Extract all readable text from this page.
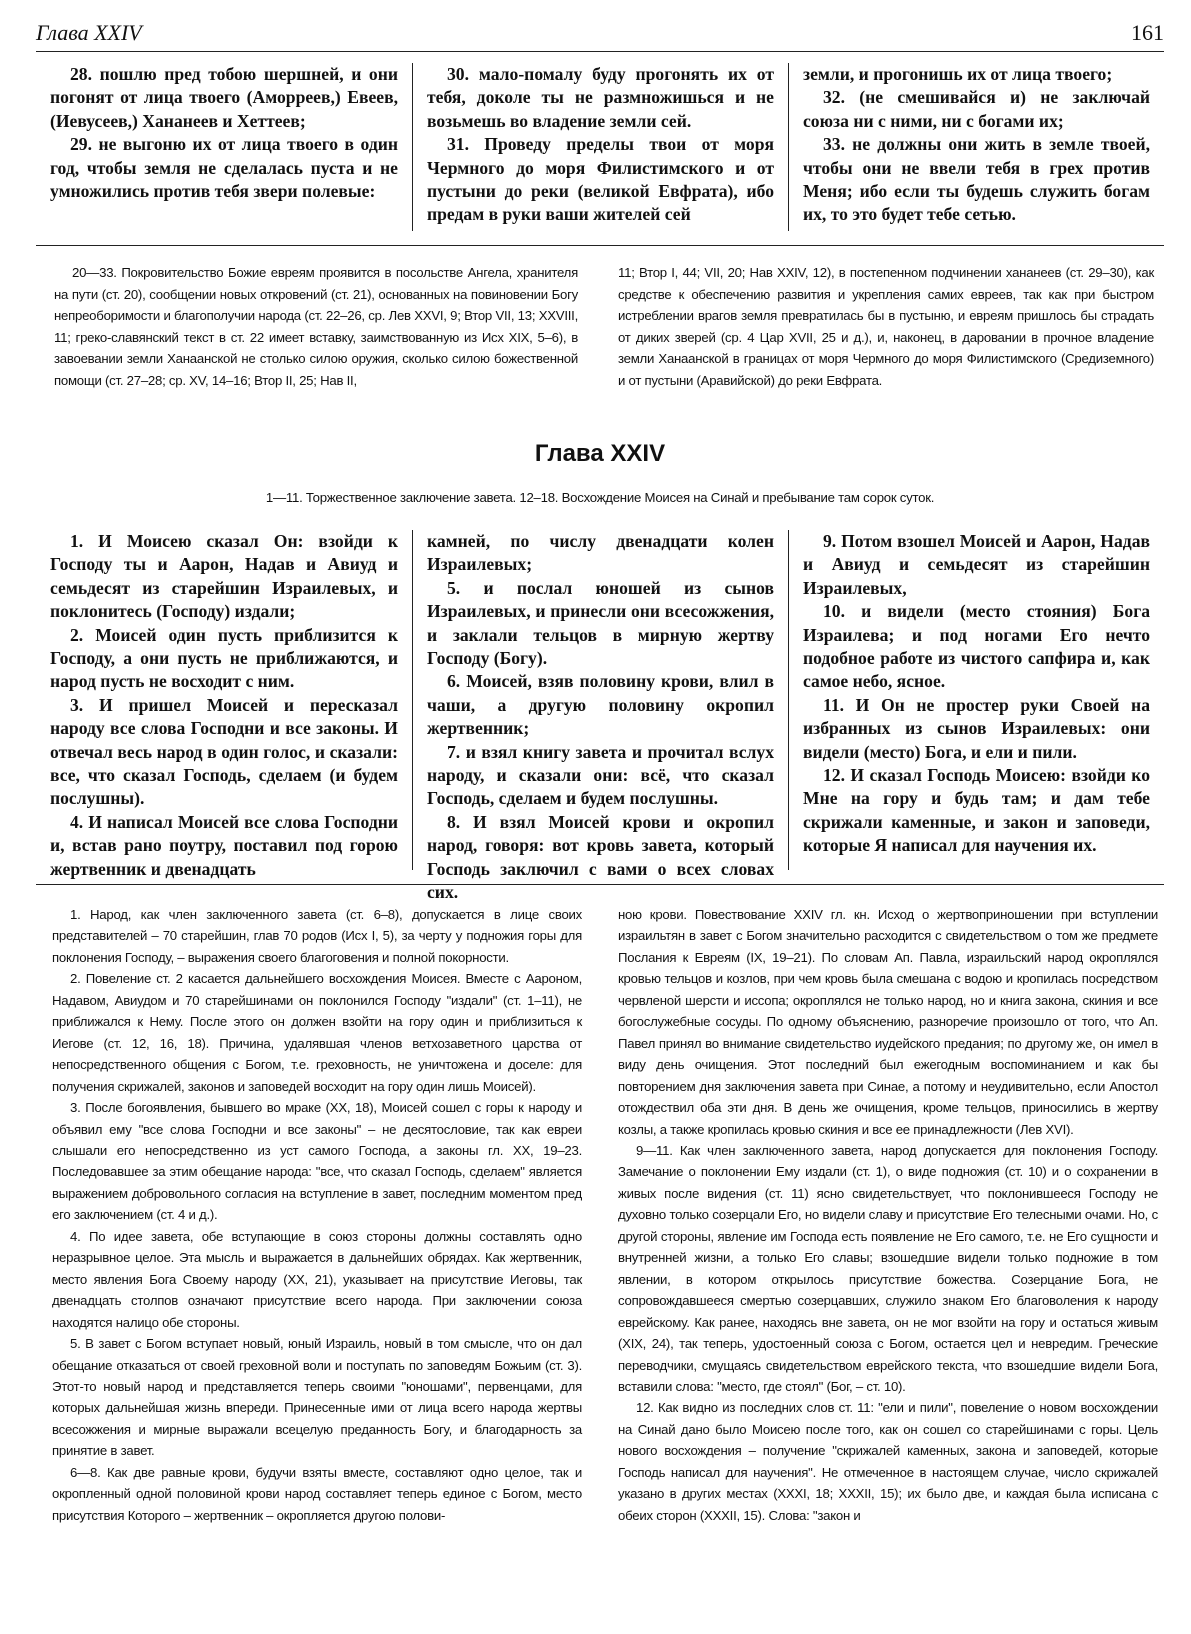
Глава XXIV	161

28. пошлю пред тобою шершней, и они погонят от лица твоего (Аморреев,) Евеев, (Иевусеев,) Хананеев и Хеттеев;

29. не выгоню их от лица твоего в один год, чтобы земля не сделалась пуста и не умножились против тебя звери полевые:

30. мало-помалу буду прогонять их от тебя, доколе ты не размножишься и не возьмешь во владение земли сей.

31. Проведу пределы твои от моря Чермного до моря Филистимского и от пустыни до реки (великой Евфрата), ибо предам в руки ваши жителей сей

земли, и прогонишь их от лица твоего;

32. (не смешивайся и) не заключай союза ни с ними, ни с богами их;

33. не должны они жить в земле твоей, чтобы они не ввели тебя в грех против Меня; ибо если ты будешь служить богам их, то это будет тебе сетью.

20—33. Покровительство Божие евреям проявится в посольстве Ангела, хранителя на пути (ст. 20), сообщении новых откровений (ст. 21), основанных на повиновении Богу непреоборимости и благополучии народа (ст. 22–26, ср. Лев XXVI, 9; Втор VII, 13; XXVIII, 11; греко-славянский текст в ст. 22 имеет вставку, заимствованную из Исх XIX, 5–6), в завоевании земли Ханаанской не столько силою оружия, сколько силою божественной помощи (ст. 27–28; ср. XV, 14–16; Втор II, 25; Нав II,

11; Втор I, 44; VII, 20; Нав XXIV, 12), в постепенном подчинении хананеев (ст. 29–30), как средстве к обеспечению развития и укрепления самих евреев, так как при быстром истреблении врагов земля превратилась бы в пустыню, и евреям пришлось бы страдать от диких зверей (ср. 4 Цар XVII, 25 и д.), и, наконец, в даровании в прочное владение земли Ханаанской в границах от моря Чермного до моря Филистимского (Средиземного) и от пустыни (Аравийской) до реки Евфрата.

Глава XXIV
1—11. Торжественное заключение завета. 12–18. Восхождение Моисея на Синай и пребывание там сорок суток.

1. И Моисею сказал Он: взойди к Господу ты и Аарон, Надав и Авиуд и семьдесят из старейшин Израилевых, и поклонитесь (Господу) издали;

2. Моисей один пусть приблизится к Господу, а они пусть не приближаются, и народ пусть не восходит с ним.

3. И пришел Моисей и пересказал народу все слова Господни и все законы. И отвечал весь народ в один голос, и сказали: все, что сказал Господь, сделаем (и будем послушны).

4. И написал Моисей все слова Господни и, встав рано поутру, поставил под горою жертвенник и двенадцать

камней, по числу двенадцати колен Израилевых;

5. и послал юношей из сынов Израилевых, и принесли они всесожжения, и заклали тельцов в мирную жертву Господу (Богу).

6. Моисей, взяв половину крови, влил в чаши, а другую половину окропил жертвенник;

7. и взял книгу завета и прочитал вслух народу, и сказали они: всё, что сказал Господь, сделаем и будем послушны.

8. И взял Моисей крови и окропил народ, говоря: вот кровь завета, который Господь заключил с вами о всех словах сих.

9. Потом взошел Моисей и Аарон, Надав и Авиуд и семьдесят из старейшин Израилевых,

10. и видели (место стояния) Бога Израилева; и под ногами Его нечто подобное работе из чистого сапфира и, как самое небо, ясное.

11. И Он не простер руки Своей на избранных из сынов Израилевых: они видели (место) Бога, и ели и пили.

12. И сказал Господь Моисею: взойди ко Мне на гору и будь там; и дам тебе скрижали каменные, и закон и заповеди, которые Я написал для научения их.

1. Народ, как член заключенного завета (ст. 6–8), допускается в лице своих представителей – 70 старейшин, глав 70 родов (Исх I, 5), за черту у подножия горы для поклонения Господу, – выражения своего благоговения и полной покорности.

2. Повеление ст. 2 касается дальнейшего восхождения Моисея. Вместе с Аароном, Надавом, Авиудом и 70 старейшинами он поклонился Господу "издали" (ст. 1–11), не приближался к Нему. После этого он должен взойти на гору один и приблизиться к Иегове (ст. 12, 16, 18). Причина, удалявшая членов ветхозаветного царства от непосредственного общения с Богом, т.е. греховность, не уничтожена и доселе: для получения скрижалей, законов и заповедей восходит на гору один лишь Моисей).

3. После богоявления, бывшего во мраке (XX, 18), Моисей сошел с горы к народу и объявил ему "все слова Господни и все законы" – не десятословие, так как евреи слышали его непосредственно из уст самого Господа, а законы гл. XX, 19–23. Последовавшее за этим обещание народа: "все, что сказал Господь, сделаем" является выражением добровольного согласия на вступление в завет, последним моментом пред его заключением (ст. 4 и д.).

4. По идее завета, обе вступающие в союз стороны должны составлять одно неразрывное целое. Эта мысль и выражается в дальнейших обрядах. Как жертвенник, место явления Бога Своему народу (XX, 21), указывает на присутствие Иеговы, так двенадцать столпов означают присутствие всего народа. При заключении союза находятся налицо обе стороны.

5. В завет с Богом вступает новый, юный Израиль, новый в том смысле, что он дал обещание отказаться от своей греховной воли и поступать по заповедям Божьим (ст. 3). Этот-то новый народ и представляется теперь своими "юношами", первенцами, для которых дальнейшая жизнь впереди. Принесенные ими от лица всего народа жертвы всесожжения и мирные выражали всецелую преданность Богу, и благодарность за принятие в завет.

6—8. Как две равные крови, будучи взяты вместе, составляют одно целое, так и окропленный одной половиной крови народ составляет теперь единое с Богом, место присутствия Которого – жертвенник – окропляется другою полови-

ною крови. Повествование XXIV гл. кн. Исход о жертвоприношении при вступлении израильтян в завет с Богом значительно расходится с свидетельством о том же предмете Послания к Евреям (IX, 19–21). По словам Ап. Павла, израильский народ окроплялся кровью тельцов и козлов, при чем кровь была смешана с водою и кропилась посредством червленой шерсти и иссопа; окроплялся не только народ, но и книга закона, скиния и все богослужебные сосуды. По одному объяснению, разноречие произошло от того, что Ап. Павел принял во внимание свидетельство иудейского предания; по другому же, он имел в виду день очищения. Этот последний был ежегодным воспоминанием и как бы повторением дня заключения завета при Синае, а потому и неудивительно, если Апостол отождествил оба эти дня. В день же очищения, кроме тельцов, приносились в жертву козлы, а также кропилась кровью скиния и все ее принадлежности (Лев XVI).

9—11. Как член заключенного завета, народ допускается для поклонения Господу. Замечание о поклонении Ему издали (ст. 1), о виде подножия (ст. 10) и о сохранении в живых после видения (ст. 11) ясно свидетельствует, что поклонившееся Господу не духовно только созерцали Его, но видели славу и присутствие Его телесными очами. Но, с другой стороны, явление им Господа есть появление не Его самого, т.е. не Его сущности и внутренней жизни, а только Его славы; взошедшие видели только подножие в том явлении, в котором открылось присутствие божества. Созерцание Бога, не сопровождавшееся смертью созерцавших, служило знаком Его благоволения к народу еврейскому. Как ранее, находясь вне завета, он не мог взойти на гору и остаться живым (XIX, 24), так теперь, удостоенный союза с Богом, остается цел и невредим. Греческие переводчики, смущаясь свидетельством еврейского текста, что взошедшие видели Бога, вставили слова: "место, где стоял" (Бог, – ст. 10).

12. Как видно из последних слов ст. 11: "ели и пили", повеление о новом восхождении на Синай дано было Моисею после того, как он сошел со старейшинами с горы. Цель нового восхождения – получение "скрижалей каменных, закона и заповедей, которые Господь написал для научения". Не отмеченное в настоящем случае, число скрижалей указано в других местах (XXXI, 18; XXXII, 15); их было две, и каждая была исписана с обеих сторон (XXXII, 15). Слова: "закон и
